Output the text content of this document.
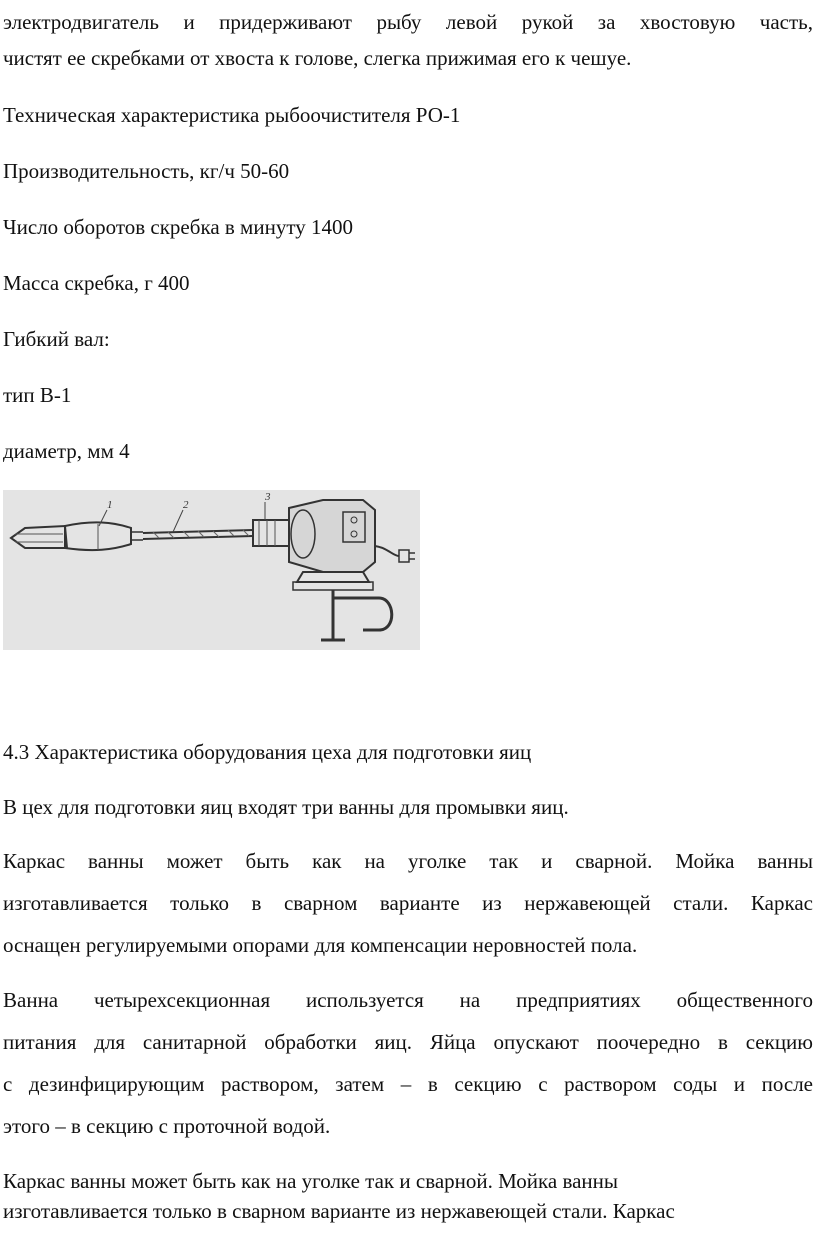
электродвигатель и придерживают рыбу левой рукой за хвостовую часть,
чистят ее скребками от хвоста к голове, слегка прижимая его к чешуе.
Техническая характеристика рыбоочистителя РО-1
Производительность, кг/ч 50-60
Число оборотов скребка в минуту 1400
Масса скребка, г 400
Гибкий вал:
тип В-1
диаметр, мм 4
1	2
3
4.3 Характеристика оборудования цеха для подготовки яиц
В цех для подготовки яиц входят три ванны для промывки яиц.
Каркас ванны может быть как на уголке так и сварной. Мойка ванны
изготавливается только в сварном варианте из нержавеющей стали. Каркас
оснащен регулируемыми опорами для компенсации неровностей пола.
Ванна четырехсекционная используется на предприятиях общественного
питания для санитарной обработки яиц. Яйца опускают поочередно в секцию
с дезинфицирующим раствором, затем – в секцию с раствором соды и после
этого – в секцию с проточной водой.
Каркас ванны может быть как на уголке так и сварной. Мойка ванны
изготавливается только в сварном варианте из нержавеющей стали. Каркас
